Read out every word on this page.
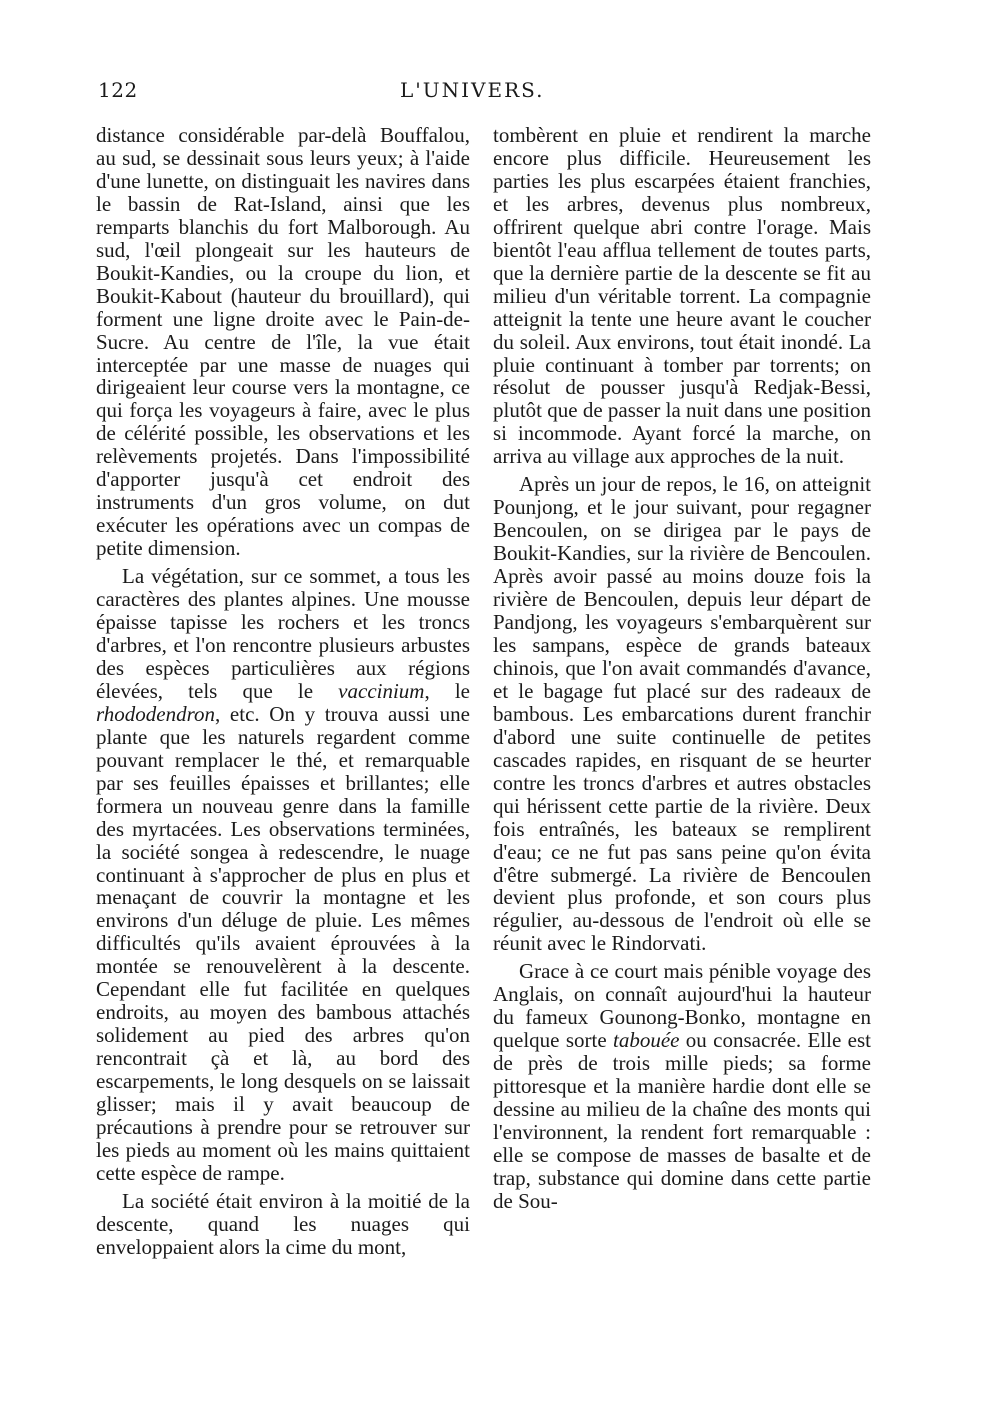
122	L'UNIVERS.

distance considérable par-delà Bouffalou, au sud, se dessinait sous leurs yeux; à l'aide d'une lunette, on distinguait les navires dans le bassin de Rat-Island, ainsi que les remparts blanchis du fort Malborough. Au sud, l'œil plongeait sur les hauteurs de Boukit-Kandies, ou la croupe du lion, et Boukit-Kabout (hauteur du brouillard), qui forment une ligne droite avec le Pain-de-Sucre. Au centre de l'île, la vue était interceptée par une masse de nuages qui dirigeaient leur course vers la montagne, ce qui força les voyageurs à faire, avec le plus de célérité possible, les observations et les relèvements projetés. Dans l'impossibilité d'apporter jusqu'à cet endroit des instruments d'un gros volume, on dut exécuter les opérations avec un compas de petite dimension.

La végétation, sur ce sommet, a tous les caractères des plantes alpines. Une mousse épaisse tapisse les rochers et les troncs d'arbres, et l'on rencontre plusieurs arbustes des espèces particulières aux régions élevées, tels que le vaccinium, le rhododendron, etc. On y trouva aussi une plante que les naturels regardent comme pouvant remplacer le thé, et remarquable par ses feuilles épaisses et brillantes; elle formera un nouveau genre dans la famille des myrtacées. Les observations terminées, la société songea à redescendre, le nuage continuant à s'approcher de plus en plus et menaçant de couvrir la montagne et les environs d'un déluge de pluie. Les mêmes difficultés qu'ils avaient éprouvées à la montée se renouvelèrent à la descente. Cependant elle fut facilitée en quelques endroits, au moyen des bambous attachés solidement au pied des arbres qu'on rencontrait çà et là, au bord des escarpements, le long desquels on se laissait glisser; mais il y avait beaucoup de précautions à prendre pour se retrouver sur les pieds au moment où les mains quittaient cette espèce de rampe.

La société était environ à la moitié de la descente, quand les nuages qui enveloppaient alors la cime du mont,

tombèrent en pluie et rendirent la marche encore plus difficile. Heureusement les parties les plus escarpées étaient franchies, et les arbres, devenus plus nombreux, offrirent quelque abri contre l'orage. Mais bientôt l'eau afflua tellement de toutes parts, que la dernière partie de la descente se fit au milieu d'un véritable torrent. La compagnie atteignit la tente une heure avant le coucher du soleil. Aux environs, tout était inondé. La pluie continuant à tomber par torrents; on résolut de pousser jusqu'à Redjak-Bessi, plutôt que de passer la nuit dans une position si incommode. Ayant forcé la marche, on arriva au village aux approches de la nuit.

Après un jour de repos, le 16, on atteignit Pounjong, et le jour suivant, pour regagner Bencoulen, on se dirigea par le pays de Boukit-Kandies, sur la rivière de Bencoulen. Après avoir passé au moins douze fois la rivière de Bencoulen, depuis leur départ de Pandjong, les voyageurs s'embarquèrent sur les sampans, espèce de grands bateaux chinois, que l'on avait commandés d'avance, et le bagage fut placé sur des radeaux de bambous. Les embarcations durent franchir d'abord une suite continuelle de petites cascades rapides, en risquant de se heurter contre les troncs d'arbres et autres obstacles qui hérissent cette partie de la rivière. Deux fois entraînés, les bateaux se remplirent d'eau; ce ne fut pas sans peine qu'on évita d'être submergé. La rivière de Bencoulen devient plus profonde, et son cours plus régulier, au-dessous de l'endroit où elle se réunit avec le Rindorvati.

Grace à ce court mais pénible voyage des Anglais, on connaît aujourd'hui la hauteur du fameux Gounong-Bonko, montagne en quelque sorte tabouée ou consacrée. Elle est de près de trois mille pieds; sa forme pittoresque et la manière hardie dont elle se dessine au milieu de la chaîne des monts qui l'environnent, la rendent fort remarquable : elle se compose de masses de basalte et de trap, substance qui domine dans cette partie de Sou-
